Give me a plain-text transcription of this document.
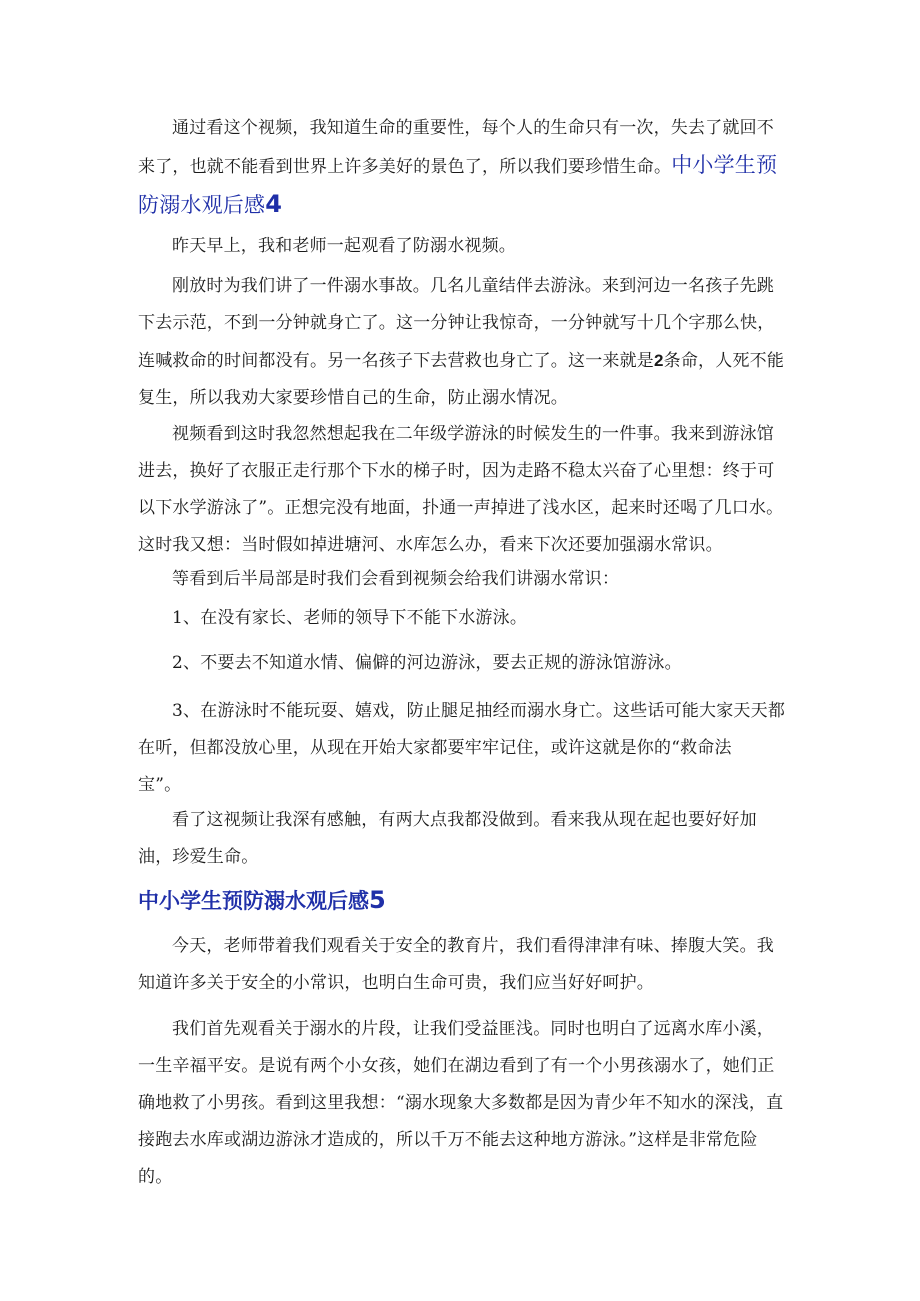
通过看这个视频，我知道生命的重要性，每个人的生命只有一次，失去了就回不来了，也就不能看到世界上许多美好的景色了，所以我们要珍惜生命。中小学生预防溺水观后感4

昨天早上，我和老师一起观看了防溺水视频。

刚放时为我们讲了一件溺水事故。几名儿童结伴去游泳。来到河边一名孩子先跳下去示范，不到一分钟就身亡了。这一分钟让我惊奇，一分钟就写十几个字那么快，连喊救命的时间都没有。另一名孩子下去营救也身亡了。这一来就是2条命，人死不能复生，所以我劝大家要珍惜自己的生命，防止溺水情况。

视频看到这时我忽然想起我在二年级学游泳的时候发生的一件事。我来到游泳馆进去，换好了衣服正走行那个下水的梯子时，因为走路不稳太兴奋了心里想：终于可以下水学游泳了”。正想完没有地面，扑通一声掉进了浅水区，起来时还喝了几口水。这时我又想：当时假如掉进塘河、水库怎么办，看来下次还要加强溺水常识。

等看到后半局部是时我们会看到视频会给我们讲溺水常识：

1、在没有家长、老师的领导下不能下水游泳。

2、不要去不知道水情、偏僻的河边游泳，要去正规的游泳馆游泳。

3、在游泳时不能玩耍、嬉戏，防止腿足抽经而溺水身亡。这些话可能大家天天都在听，但都没放心里，从现在开始大家都要牢牢记住，或许这就是你的“救命法
宝”。

看了这视频让我深有感触，有两大点我都没做到。看来我从现在起也要好好加油，珍爱生命。

中小学生预防溺水观后感5

今天，老师带着我们观看关于安全的教育片，我们看得津津有味、捧腹大笑。我知道许多关于安全的小常识，也明白生命可贵，我们应当好好呵护。

我们首先观看关于溺水的片段，让我们受益匪浅。同时也明白了远离水库小溪，一生辛福平安。是说有两个小女孩，她们在湖边看到了有一个小男孩溺水了，她们正确地救了小男孩。看到这里我想：“溺水现象大多数都是因为青少年不知水的深浅，直接跑去水库或湖边游泳才造成的，所以千万不能去这种地方游泳。”这样是非常危险的。
